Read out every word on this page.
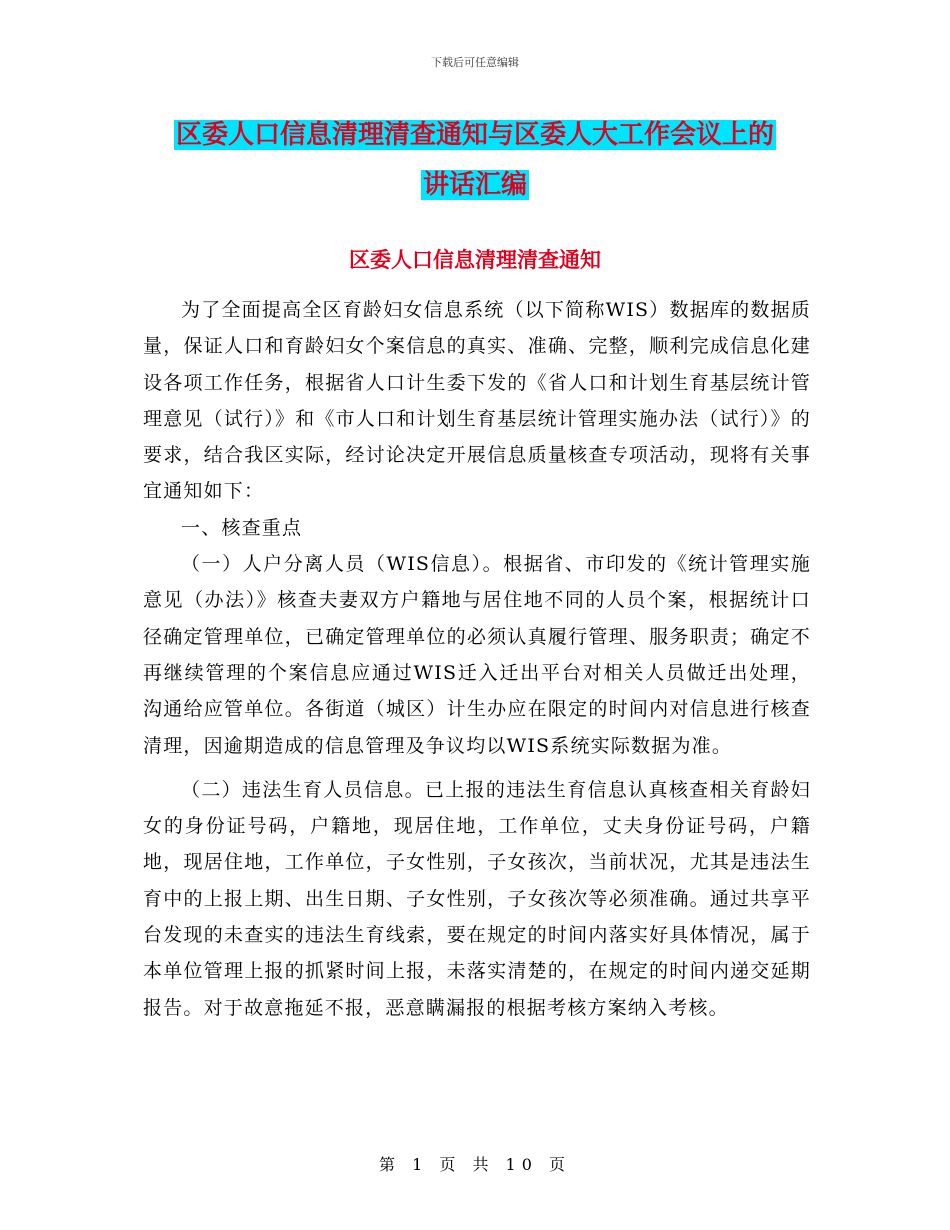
下载后可任意编辑
区委人口信息清理清查通知与区委人大工作会议上的
讲话汇编
区委人口信息清理清查通知

为了全面提高全区育龄妇女信息系统（以下简称WIS）数据库的数据质量，保证人口和育龄妇女个案信息的真实、准确、完整，顺利完成信息化建设各项工作任务，根据省人口计生委下发的《省人口和计划生育基层统计管理意见（试行）》和《市人口和计划生育基层统计管理实施办法（试行）》的要求，结合我区实际，经讨论决定开展信息质量核查专项活动，现将有关事宜通知如下：

一、核查重点

（一）人户分离人员（WIS信息）。根据省、市印发的《统计管理实施意见（办法）》核查夫妻双方户籍地与居住地不同的人员个案，根据统计口径确定管理单位，已确定管理单位的必须认真履行管理、服务职责；确定不再继续管理的个案信息应通过WIS迁入迁出平台对相关人员做迁出处理，沟通给应管单位。各街道（城区）计生办应在限定的时间内对信息进行核查清理，因逾期造成的信息管理及争议均以WIS系统实际数据为准。

（二）违法生育人员信息。已上报的违法生育信息认真核查相关育龄妇女的身份证号码，户籍地，现居住地，工作单位，丈夫身份证号码，户籍地，现居住地，工作单位，子女性别，子女孩次，当前状况，尤其是违法生育中的上报上期、出生日期、子女性别，子女孩次等必须准确。通过共享平台发现的未查实的违法生育线索，要在规定的时间内落实好具体情况，属于本单位管理上报的抓紧时间上报，未落实清楚的，在规定的时间内递交延期报告。对于故意拖延不报，恶意瞒漏报的根据考核方案纳入考核。

第 1 页 共 10 页
